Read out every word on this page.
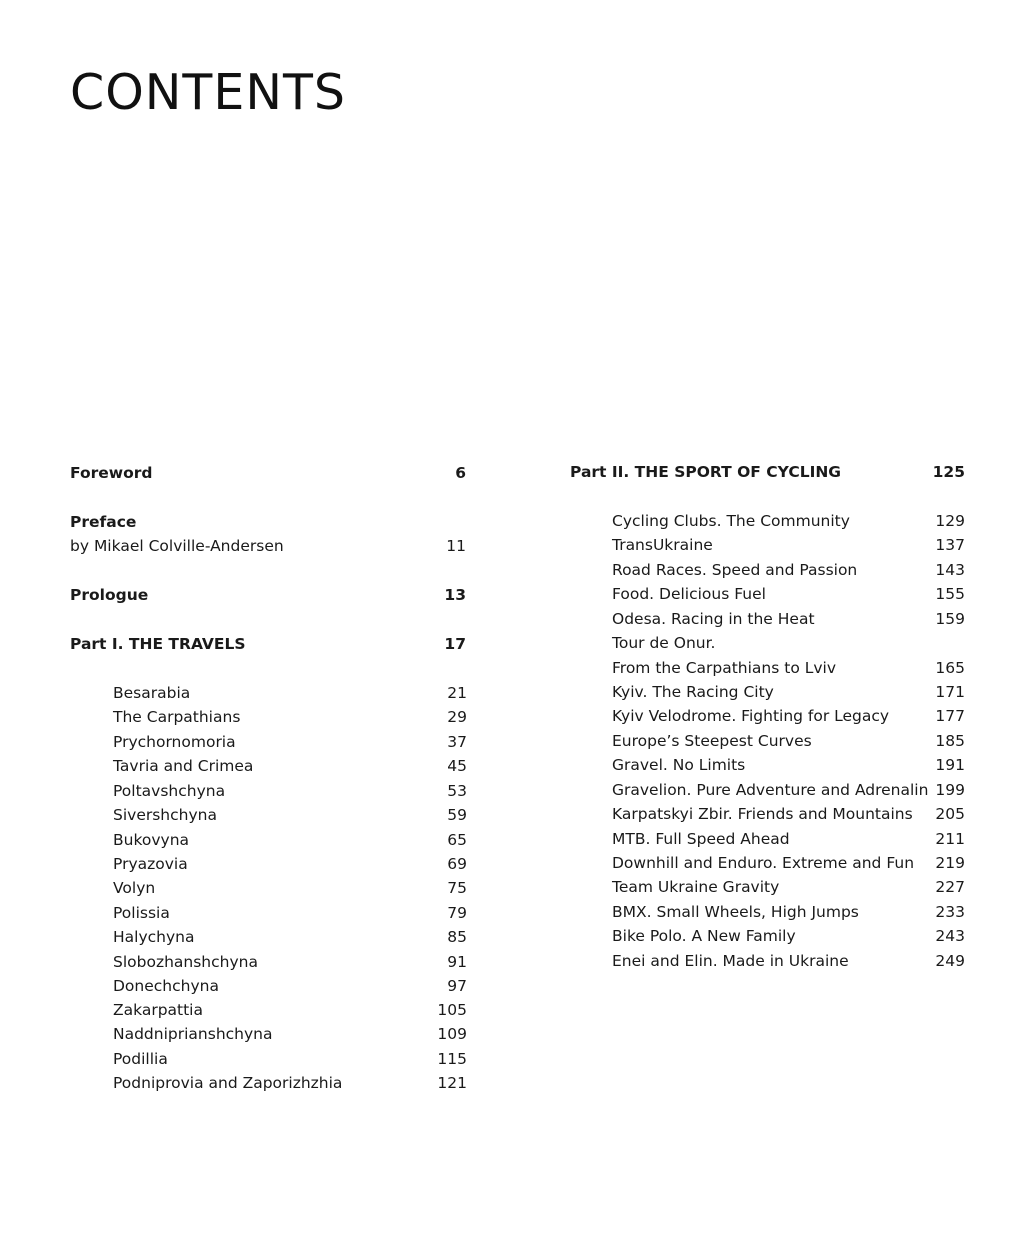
CONTENTS
Foreword	6
Preface
by Mikael Colville-Andersen	11
Prologue	13
Part I. THE TRAVELS	17
Besarabia	21
The Carpathians	29
Prychornomoria	37
Tavria and Crimea	45
Poltavshchyna	53
Sivershchyna	59
Bukovyna	65
Pryazovia	69
Volyn	75
Polissia	79
Halychyna	85
Slobozhanshchyna	91
Donechchyna	97
Zakarpattia	105
Naddniprianshchyna	109
Podillia	115
Podniprovia and Zaporizhzhia	121
Part II. THE SPORT OF CYCLING	125
Cycling Clubs. The Community	129
TransUkraine	137
Road Races. Speed and Passion	143
Food. Delicious Fuel	155
Odesa. Racing in the Heat	159
Tour de Onur.
From the Carpathians to Lviv	165
Kyiv. The Racing City	171
Kyiv Velodrome. Fighting for Legacy	177
Europe’s Steepest Curves	185
Gravel. No Limits	191
Gravelion. Pure Adventure and Adrenalin 199
Karpatskyi Zbir. Friends and Mountains	205
MTB. Full Speed Ahead	211
Downhill and Enduro. Extreme and Fun	219
Team Ukraine Gravity	227
BMX. Small Wheels, High Jumps	233
Bike Polo. A New Family	243
Enei and Elin. Made in Ukraine	249
